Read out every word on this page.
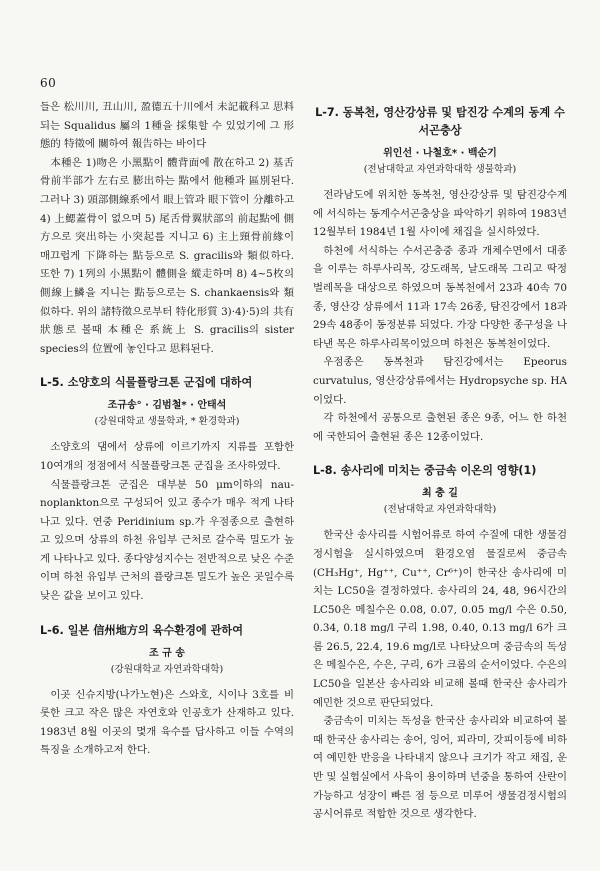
60

들은 松川川, 丑山川, 盈德五十川에서 未記載科고 思料되는 Squalidus 屬의 1種을 採集할 수 있었기에 그 形態的 特徵에 關하여 報告하는 바이다

本種은 1)吻은 小黑點이 體背面에 散在하고 2) 基舌骨前半部가 左右로 膨出하는 點에서 他種과 區別된다. 그러나 3) 頭部側線系에서 眼上管과 眼下管이 分離하고 4) 上鰓蓋骨이 없으며 5) 尾舌骨翼狀部의 前起點에 側方으로 突出하는 小突起를 지니고 6) 主上頸骨前緣이 매끄럽게 下降하는 點등으로 S. gracilis와 類似하다. 또한 7) 1列의 小黑點이 體側을 縱走하며 8) 4~5枚의 側線上鱗을 지니는 點등으로는 S. chankaensis와 類似하다. 위의 諸特徵으로부터 特化形質 3)·4)·5)의 共有狀態로 볼때 本種은 系統上 S. gracilis의 sister species의 位置에 놓인다고 思料된다.

L-5. 소양호의 식물플랑크톤 군집에 대하여
조규송° · 김범철* · 안태석
(강원대학교 생물학과, * 환경학과)

소양호의 댐에서 상류에 이르기까지 지류를 포함한 10여개의 정점에서 식물플랑크톤 군집을 조사하였다.

식물플랑크톤 군집은 대부분 50 μm이하의 nau-noplankton으로 구성되어 있고 종수가 매우 적게 나타나고 있다. 연중 Peridinium sp.가 우점종으로 출현하고 있으며 상류의 하천 유입부 근처로 갈수록 밀도가 높게 나타나고 있다. 종다양성지수는 전반적으로 낮은 수준이며 하천 유입부 근처의 플랑크톤 밀도가 높은 곳일수록 낮은 값을 보이고 있다.

L-6. 일본 信州地方의 육수환경에 관하여
조 규 송
(강원대학교 자연과학대학)

이곳 신슈지방(나가노현)은 스와호, 시이나 3호를 비롯한 크고 작은 많은 자연호와 인공호가 산재하고 있다. 1983년 8월 이곳의 몇개 육수를 답사하고 이들 수역의 특징을 소개하고저 한다.

L-7. 동복천, 영산강상류 및 탐진강 수계의 동계 수서곤충상
위인선 · 나철호* · 백순기
(전남대학교 자연과학대학 생물학과)

전라남도에 위치한 동복천, 영산강상류 및 탐진강수계에 서식하는 동계수서곤충상을 파악하기 위하여 1983년 12월부터 1984년 1월 사이에 채집을 실시하였다.

하천에 서식하는 수서곤충중 종과 개체수면에서 대종을 이루는 하루사리목, 강도래목, 날도래목 그리고 딱정벌레목을 대상으로 하였으며 동복천에서 23과 40속 70종, 영산강 상류에서 11과 17속 26종, 탐진강에서 18과 29속 48종이 동정분류 되었다. 가장 다양한 종구성을 나타낸 목은 하루사리목이었으며 하천은 동복천이었다.

우점종은 동복천과 탐진강에서는 Epeorus curvatulus, 영산강상류에서는 Hydropsyche sp. HA이었다.

각 하천에서 공통으로 출현된 종은 9종, 어느 한 하천에 국한되어 출현된 종은 12종이었다.

L-8. 송사리에 미치는 중금속 이온의 영향(1)
최 충 길
(전남대학교 자연과학대학)

한국산 송사리를 시험어류로 하여 수질에 대한 생물검정시험을 실시하였으며 환경오염 물질로써 중금속(CH₃Hg⁺, Hg⁺⁺, Cu⁺⁺, Cr⁶⁺)이 한국산 송사리에 미치는 LC50을 결정하였다. 송사리의 24, 48, 96시간의 LC50은 메칠수은 0.08, 0.07, 0.05 mg/l 수은 0.50, 0.34, 0.18 mg/l 구리 1.98, 0.40, 0.13 mg/l 6가 크롬 26.5, 22.4, 19.6 mg/l로 나타났으며 중금속의 독성은 메칠수은, 수은, 구리, 6가 크롬의 순서이었다. 수은의 LC50을 일본산 송사리와 비교해 볼때 한국산 송사리가 예민한 것으로 판단되었다.

중금속이 미치는 독성을 한국산 송사리와 비교하여 볼때 한국산 송사리는 송어, 잉어, 피라미, 갓피이등에 비하여 예민한 반응을 나타내지 않으나 크기가 작고 채집, 운반 및 실험실에서 사육이 용이하며 년중을 통하여 산란이 가능하고 성장이 빠른 점 등으로 미루어 생물검정시험의 공시어류로 적합한 것으로 생각한다.
